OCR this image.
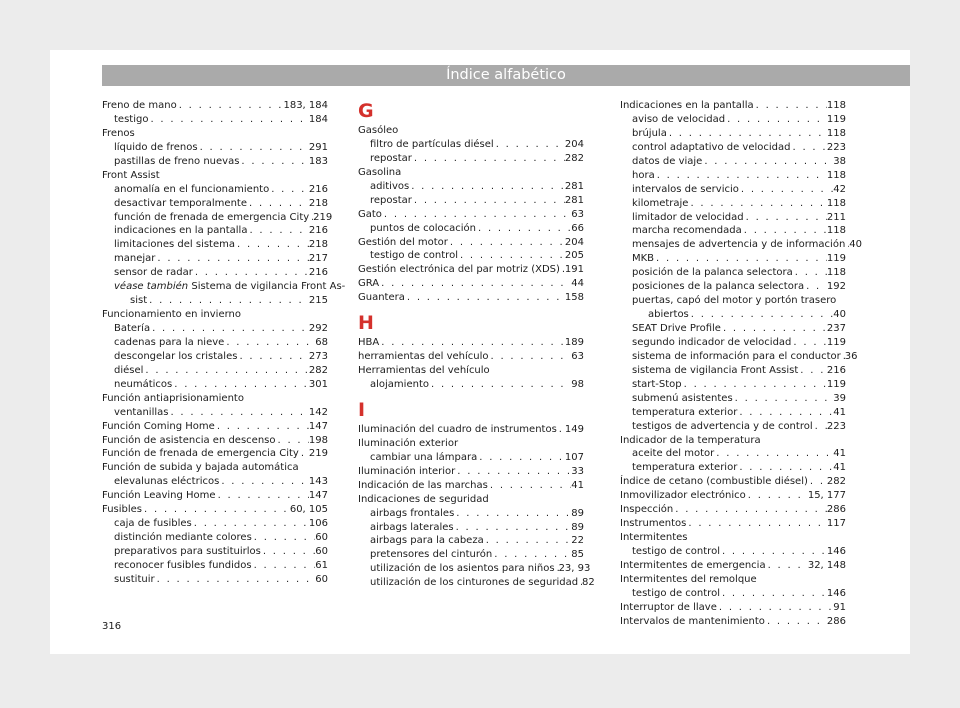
Índice alfabético
Freno de mano . . .	183, 184
testigo . . .	184
Frenos
líquido de frenos . . .	291
pastillas de freno nuevas . . .	183
Front Assist
anomalía en el funcionamiento . . .	216
desactivar temporalmente . . .	218
función de frenada de emergencia City . . . 219
indicaciones en la pantalla . . .	216
limitaciones del sistema . . .	218
manejar . . .	217
sensor de radar . . .	216
véase también
Sistema de vigilancia Front As-
sist . . .	215
Funcionamiento en invierno
Batería . . .	292
cadenas para la nieve . . .	68
descongelar los cristales . . .	273
diésel . . .	282
neumáticos . . .	301
Función antiaprisionamiento
ventanillas . . .	142
Función Coming Home . . .	147
Función de asistencia en descenso . . .	198
Función de frenada de emergencia City . . . 219
Función de subida y bajada automática
elevalunas eléctricos . . .	143
Función Leaving Home . . .	147
Fusibles . . .	60, 105
caja de fusibles . . .	106
distinción mediante colores . . .	60
preparativos para sustituirlos . . .	60
reconocer fusibles fundidos . . .	61
sustituir . . .	60
G
Gasóleo
filtro de partículas diésel . . .	204
repostar . . .	282
Gasolina
aditivos . . .	281
repostar . . .	281
Gato . . .	63
puntos de colocación . . .	66
Gestión del motor . . .	204
testigo de control . . .	205
Gestión electrónica del par motriz (XDS) . . . 191
GRA . . .	44
Guantera . . .	158
H
HBA . . .	189
herramientas del vehículo . . .	63
Herramientas del vehículo
alojamiento . . .	98
I
Iluminación del cuadro de instrumentos . . . 149
Iluminación exterior
cambiar una lámpara . . .	107
Iluminación interior . . .	33
Indicación de las marchas . . .	41
Indicaciones de seguridad
airbags frontales . . .	89
airbags laterales . . .	89
airbags para la cabeza . . .	22
pretensores del cinturón . . .	85
utilización de los asientos para niños . . . 23, 93
utilización de los cinturones de seguridad . . . 82
Indicaciones en la pantalla . . .	118
aviso de velocidad . . .	119
brújula . . .	118
control adaptativo de velocidad . . .	223
datos de viaje . . .	38
hora . . .	118
intervalos de servicio . . .	42
kilometraje . . .	118
limitador de velocidad . . .	211
marcha recomendada . . .	118
mensajes de advertencia y de información . . . 40
MKB . . .	119
posición de la palanca selectora . . .	118
posiciones de la palanca selectora . . . 192
puertas, capó del motor y portón trasero
abiertos . . .	40
SEAT Drive Profile . . .	237
segundo indicador de velocidad . . .	119
sistema de información para el conductor . . . 36
sistema de vigilancia Front Assist . . .	216
start-Stop . . .	119
submenú asistentes . . .	39
temperatura exterior . . .	41
testigos de advertencia y de control . . . 223
Indicador de la temperatura
aceite del motor . . .	41
temperatura exterior . . .	41
Índice de cetano (combustible diésel) . . . 282
Inmovilizador electrónico . . .	15, 177
Inspección . . .	286
Instrumentos . . .	117
Intermitentes
testigo de control . . .	146
Intermitentes de emergencia . . .	32, 148
Intermitentes del remolque
testigo de control . . .	146
Interruptor de llave . . .	91
Intervalos de mantenimiento . . .	286
316
